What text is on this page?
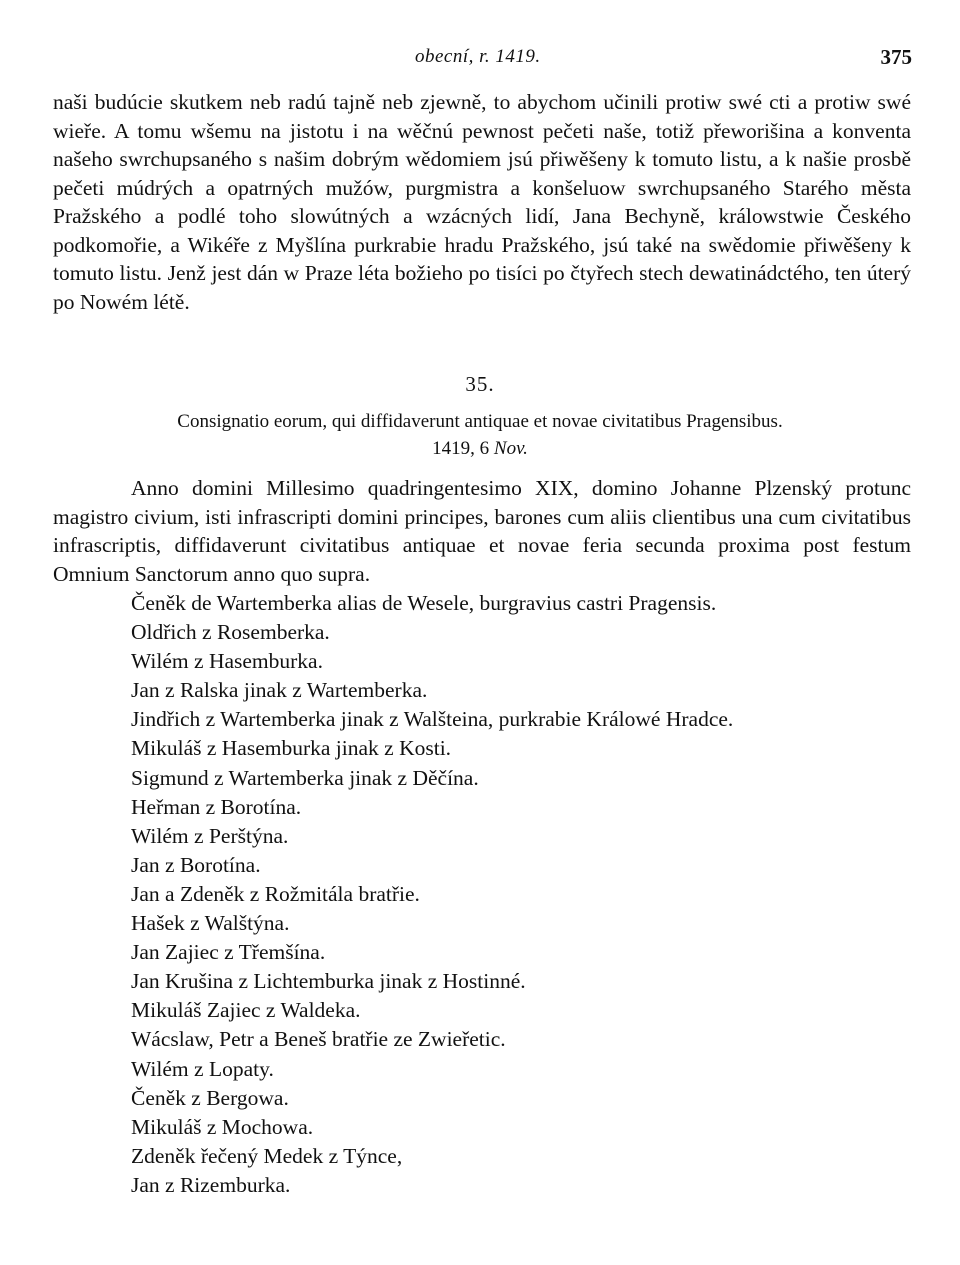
obecní, r. 1419.	375

naši budúcie skutkem neb radú tajně neb zjewně, to abychom učinili protiw swé cti a protiw swé wieře. A tomu wšemu na jistotu i na wěčnú pewnost pečeti naše, totiž přeworišina a konventa našeho swrchupsaného s našim dobrým wědomiem jsú přiwěšeny k tomuto listu, a k našie prosbě pečeti múdrých a opatrných mužów, purgmistra a konšeluow swrchupsaného Starého města Pražského a podlé toho slowútných a wzácných lidí, Jana Bechyně, králowstwie Českého podkomořie, a Wikéře z Myšlína purkrabie hradu Pražského, jsú také na swědomie přiwěšeny k tomuto listu. Jenž jest dán w Praze léta božieho po tisíci po čtyřech stech dewatinádctého, ten úterý po Nowém létě.

35.
Consignatio eorum, qui diffidaverunt antiquae et novae civitatibus Pragensibus.
1419, 6 Nov.

Anno domini Millesimo quadringentesimo XIX, domino Johanne Plzenský protunc magistro civium, isti infrascripti domini principes, barones cum aliis clientibus una cum civitatibus infrascriptis, diffidaverunt civitatibus antiquae et novae feria secunda proxima post festum Omnium Sanctorum anno quo supra.

Čeněk de Wartemberka alias de Wesele, burgravius castri Pragensis.
Oldřich z Rosemberka.
Wilém z Hasemburka.
Jan z Ralska jinak z Wartemberka.
Jindřich z Wartemberka jinak z Walšteina, purkrabie Králowé Hradce.
Mikuláš z Hasemburka jinak z Kosti.
Sigmund z Wartemberka jinak z Děčína.
Heřman z Borotína.
Wilém z Perštýna.
Jan z Borotína.
Jan a Zdeněk z Rožmitála bratřie.
Hašek z Walštýna.
Jan Zajiec z Třemšína.
Jan Krušina z Lichtemburka jinak z Hostinné.
Mikuláš Zajiec z Waldeka.
Wácslaw, Petr a Beneš bratřie ze Zwieřetic.
Wilém z Lopaty.
Čeněk z Bergowa.
Mikuláš z Mochowa.
Zdeněk řečený Medek z Týnce,
Jan z Rizemburka.
